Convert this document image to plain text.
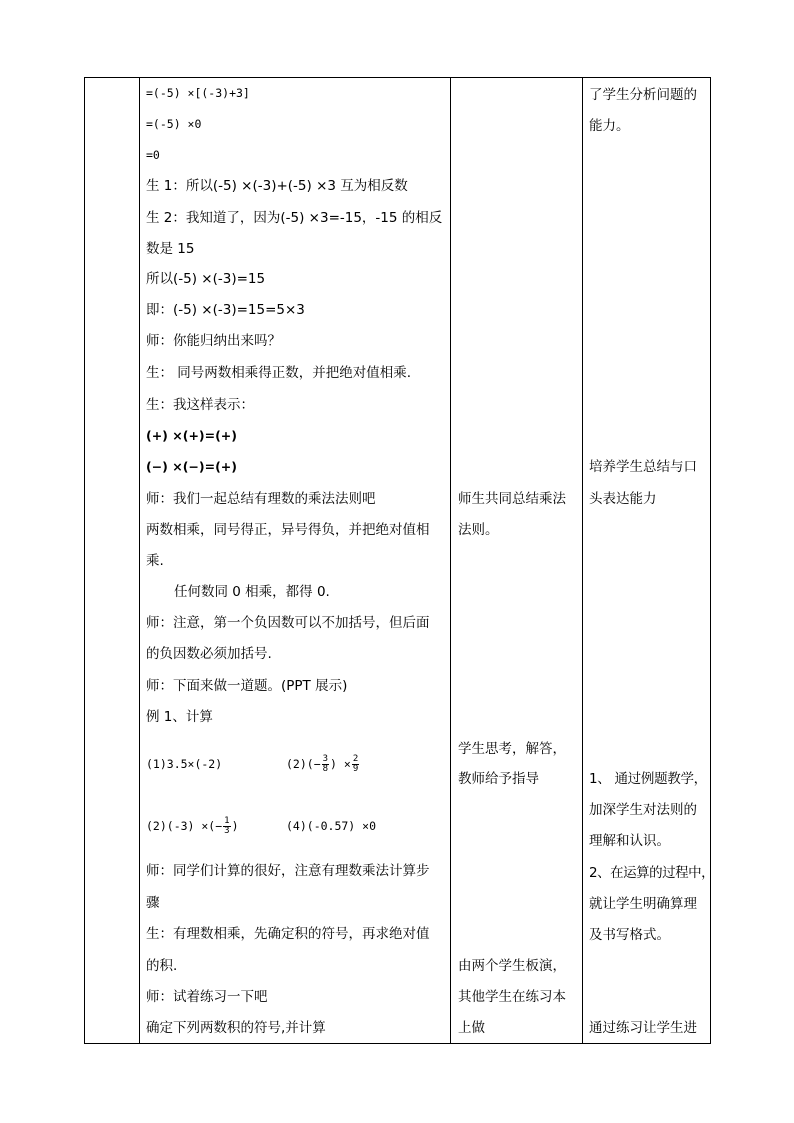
=(-5) ×[(-3)+3]
=(-5) ×0
=0
生 1：所以(-5) ×(-3)+(-5) ×3 互为相反数
生 2：我知道了，因为(-5) ×3=-15，-15 的相反
数是 15
所以(-5) ×(-3)=15
即：(-5) ×(-3)=15=5×3
师：你能归纳出来吗？
生： 同号两数相乘得正数，并把绝对值相乘.
生：我这样表示：
(+) ×(+)=(+)
(−) ×(−)=(+)
师：我们一起总结有理数的乘法法则吧
两数相乘，同号得正，异号得负，并把绝对值相
乘.
任何数同 0 相乘，都得 0.
师：注意，第一个负因数可以不加括号，但后面
的负因数必须加括号.
师：下面来做一道题。(PPT 展示)
例 1、计算
(1)3.5×(-2)	$(2)(- \frac{3}{8}$ ) × $\frac{2}{9}$
(2)(-3) ×(− $\frac{1}{3}$ )	(4)(-0.57) ×0
师：同学们计算的很好，注意有理数乘法计算步
骤
生：有理数相乘，先确定积的符号，再求绝对值
的积.
师：试着练习一下吧
确定下列两数积的符号,并计算
师生共同总结乘法
法则。
学生思考，解答，
教师给予指导
由两个学生板演，
其他学生在练习本
上做
了学生分析问题的
能力。
培养学生总结与口
头表达能力
1、 通过例题教学，
加深学生对法则的
理解和认识。
2、在运算的过程中，
就让学生明确算理
及书写格式。
通过练习让学生进
